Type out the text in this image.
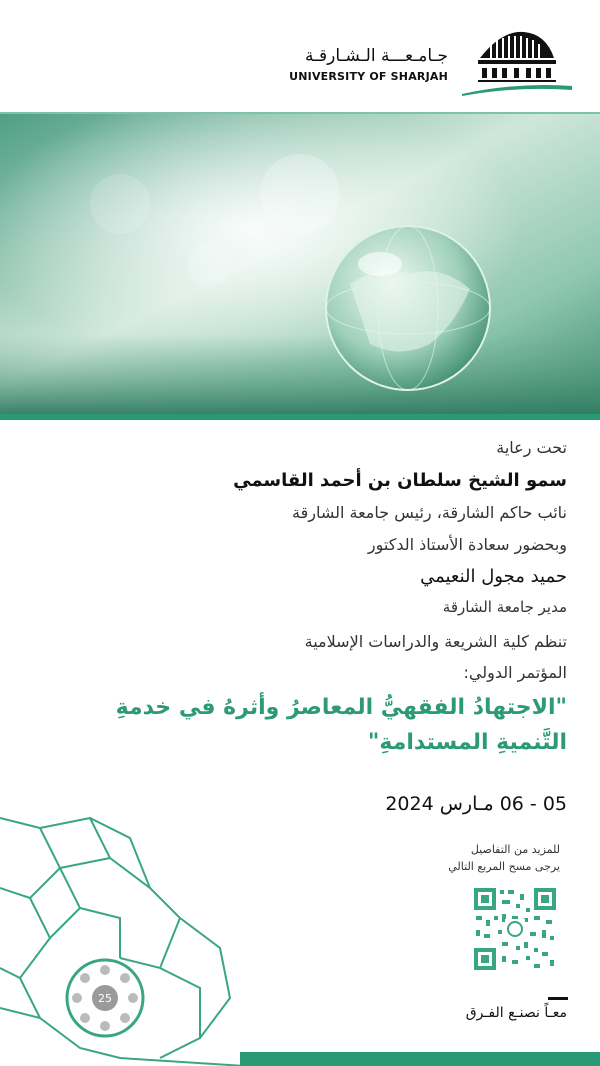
جـامـعـــة الـشـارقـة
UNIVERSITY OF SHARJAH
تحت رعاية
سمو الشيخ سلطان بن أحمد القاسمي
نائب حاكم الشارقة، رئيس جامعة الشارقة
وبحضور سعادة الأستاذ الدكتور
حميد مجول النعيمي
مدير جامعة الشارقة
تنظم كلية الشريعة والدراسات الإسلامية
المؤتمر الدولي:
"الاجتهادُ الفقهيُّ المعاصرُ وأثرهُ في خدمةِ
التَّنميةِ المستدامةِ"
05 - 06 مـارس 2024
للمزيد من التفاصيل
يرجى مسح المربع التالي
معـاً نصنـع الفـرق
25
